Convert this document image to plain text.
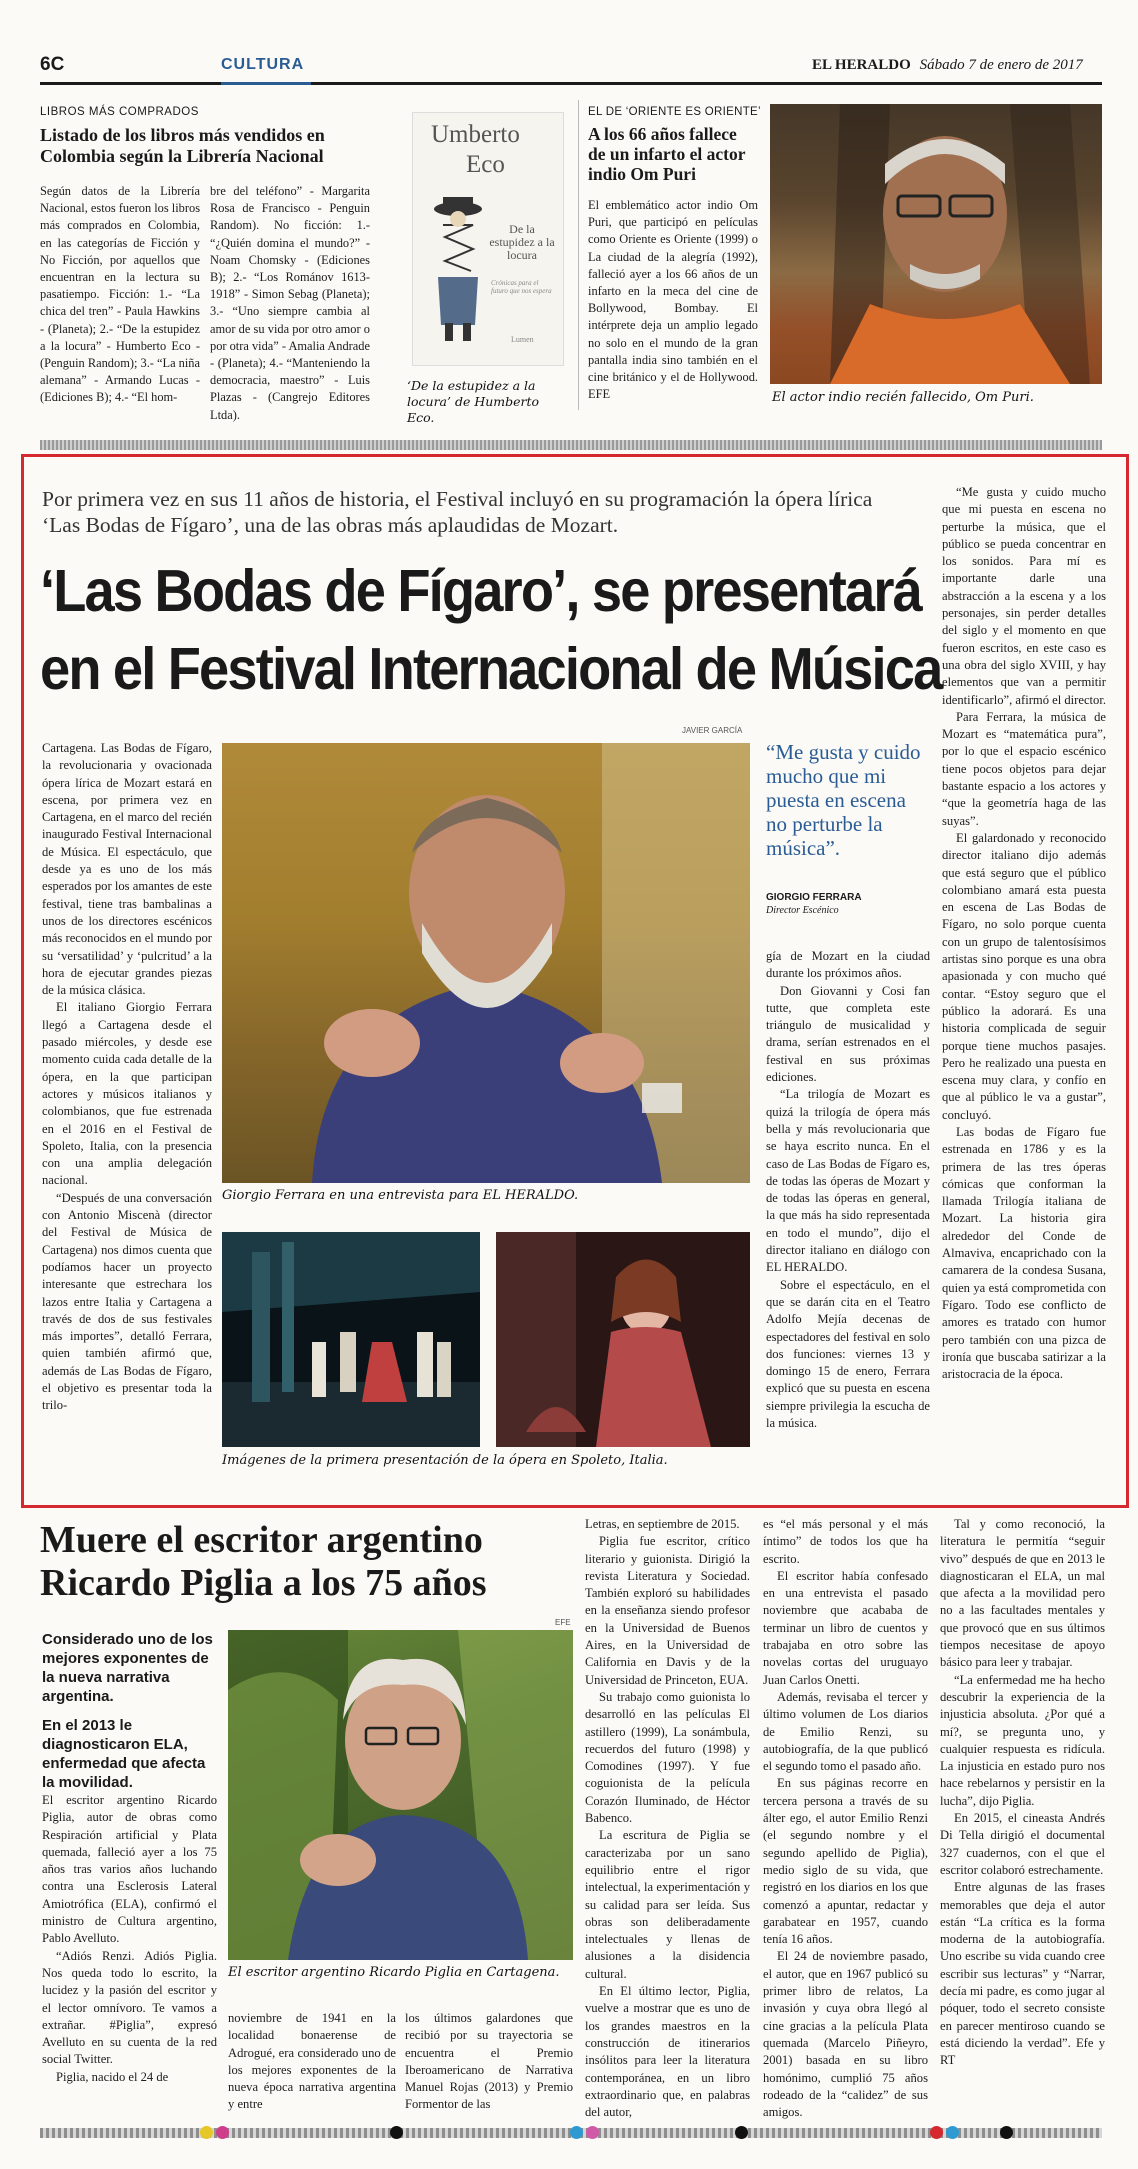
6C	CULTURA	EL HERALDO Sábado 7 de enero de 2017
LIBROS MÁS COMPRADOS
Listado de los libros más vendidos en Colombia según la Librería Nacional
Según datos de la Librería Nacional, estos fueron los libros más comprados en Colombia, en las categorías de Ficción y No Ficción, por aquellos que encuentran en la lectura su pasatiempo. Ficción: 1.- “La chica del tren” - Paula Hawkins - (Planeta); 2.- “De la estupidez a la locura” - Humberto Eco - (Penguin Random); 3.- “La niña alemana” - Armando Lucas - (Ediciones B); 4.- “El hom-
bre del teléfono” - Margarita Rosa de Francisco - Penguin Random). No ficción: 1.- “¿Quién domina el mundo?” - Noam Chomsky - (Ediciones B); 2.- “Los Románov 1613-1918” - Simon Sebag (Planeta); 3.- “Uno siempre cambia al amor de su vida por otro amor o por otra vida” - Amalia Andrade - (Planeta); 4.- “Manteniendo la democracia, maestro” - Luis Plazas - (Cangrejo Editores Ltda).
Umberto
Eco
De la estupidez a la locura
Crónicas para el futuro que nos espera
Lumen
‘De la estupidez a la locura’ de Humberto Eco.
EL DE ‘ORIENTE ES ORIENTE’
A los 66 años fallece de un infarto el actor indio Om Puri
El emblemático actor indio Om Puri, que participó en películas como Oriente es Oriente (1999) o La ciudad de la alegría (1992), falleció ayer a los 66 años de un infarto en la meca del cine de Bollywood, Bombay. El intérprete deja un amplio legado no solo en el mundo de la gran pantalla india sino también en el cine británico y el de Hollywood. EFE	El actor indio recién fallecido, Om Puri.
Por primera vez en sus 11 años de historia, el Festival incluyó en su programación la ópera lírica ‘Las Bodas de Fígaro’, una de las obras más aplaudidas de Mozart.
‘Las Bodas de Fígaro’, se presentará
en el Festival Internacional de Música
JAVIER GARCÍA

Cartagena. Las Bodas de Fígaro, la revolucionaria y ovacionada ópera lírica de Mozart estará en escena, por primera vez en Cartagena, en el marco del recién inaugurado Festival Internacional de Música. El espectáculo, que desde ya es uno de los más esperados por los amantes de este festival, tiene tras bambalinas a unos de los directores escénicos más reconocidos en el mundo por su ‘versatilidad’ y ‘pulcritud’ a la hora de ejecutar grandes piezas de la música clásica.

El italiano Giorgio Ferrara llegó a Cartagena desde el pasado miércoles, y desde ese momento cuida cada detalle de la ópera, en la que participan actores y músicos italianos y colombianos, que fue estrenada en el 2016 en el Festival de Spoleto, Italia, con la presencia con una amplia delegación nacional.

“Después de una conversación con Antonio Miscenà (director del Festival de Música de Cartagena) nos dimos cuenta que podíamos hacer un proyecto interesante que estrechara los lazos entre Italia y Cartagena a través de dos de sus festivales más importes”, detalló Ferrara, quien también afirmó que, además de Las Bodas de Fígaro, el objetivo es presentar toda la trilo-

Giorgio Ferrara en una entrevista para EL HERALDO.
Imágenes de la primera presentación de la ópera en Spoleto, Italia.
“Me gusta y cuido mucho que mi puesta en escena no perturbe la música”.
GIORGIO FERRARA
Director Escénico

gía de Mozart en la ciudad durante los próximos años.

Don Giovanni y Cosi fan tutte, que completa este triángulo de musicalidad y drama, serían estrenados en el festival en sus próximas ediciones.

“La trilogía de Mozart es quizá la trilogía de ópera más bella y más revolucionaria que se haya escrito nunca. En el caso de Las Bodas de Fígaro es, de todas las óperas de Mozart y de todas las óperas en general, la que más ha sido representada en todo el mundo”, dijo el director italiano en diálogo con EL HERALDO.

Sobre el espectáculo, en el que se darán cita en el Teatro Adolfo Mejía decenas de espectadores del festival en solo dos funciones: viernes 13 y domingo 15 de enero, Ferrara explicó que su puesta en escena siempre privilegia la escucha de la música.

“Me gusta y cuido mucho que mi puesta en escena no perturbe la música, que el público se pueda concentrar en los sonidos. Para mí es importante darle una abstracción a la escena y a los personajes, sin perder detalles del siglo y el momento en que fueron escritos, en este caso es una obra del siglo XVIII, y hay elementos que van a permitir identificarlo”, afirmó el director.

Para Ferrara, la música de Mozart es “matemática pura”, por lo que el espacio escénico tiene pocos objetos para dejar bastante espacio a los actores y “que la geometría haga de las suyas”.

El galardonado y reconocido director italiano dijo además que está seguro que el público colombiano amará esta puesta en escena de Las Bodas de Fígaro, no solo porque cuenta con un grupo de talentosísimos artistas sino porque es una obra apasionada y con mucho qué contar. “Estoy seguro que el público la adorará. Es una historia complicada de seguir porque tiene muchos pasajes. Pero he realizado una puesta en escena muy clara, y confío en que al público le va a gustar”, concluyó.

Las bodas de Fígaro fue estrenada en 1786 y es la primera de las tres óperas cómicas que conforman la llamada Trilogía italiana de Mozart. La historia gira alrededor del Conde de Almaviva, encaprichado con la camarera de la condesa Susana, quien ya está comprometida con Fígaro. Todo ese conflicto de amores es tratado con humor pero también con una pizca de ironía que buscaba satirizar a la aristocracia de la época.

Muere el escritor argentino
Ricardo Piglia a los 75 años
Considerado uno de los mejores exponentes de la nueva narrativa argentina.
En el 2013 le diagnosticaron ELA, enfermedad que afecta la movilidad.
EFE
El escritor argentino Ricardo Piglia en Cartagena.

El escritor argentino Ricardo Piglia, autor de obras como Respiración artificial y Plata quemada, falleció ayer a los 75 años tras varios años luchando contra una Esclerosis Lateral Amiotrófica (ELA), confirmó el ministro de Cultura argentino, Pablo Avelluto.

“Adiós Renzi. Adiós Piglia. Nos queda todo lo escrito, la lucidez y la pasión del escritor y el lector omnívoro. Te vamos a extrañar. #Piglia”, expresó Avelluto en su cuenta de la red social Twitter.

Piglia, nacido el 24 de

noviembre de 1941 en la localidad bonaerense de Adrogué, era considerado uno de los mejores exponentes de la nueva época narrativa argentina y entre
los últimos galardones que recibió por su trayectoria se encuentra el Premio Iberoamericano de Narrativa Manuel Rojas (2013) y Premio Formentor de las

Letras, en septiembre de 2015.

Piglia fue escritor, crítico literario y guionista. Dirigió la revista Literatura y Sociedad. También exploró su habilidades en la enseñanza siendo profesor en la Universidad de Buenos Aires, en la Universidad de California en Davis y de la Universidad de Princeton, EUA.

Su trabajo como guionista lo desarrolló en las películas El astillero (1999), La sonámbula, recuerdos del futuro (1998) y Comodines (1997). Y fue coguionista de la película Corazón Iluminado, de Héctor Babenco.

La escritura de Piglia se caracterizaba por un sano equilibrio entre el rigor intelectual, la experimentación y su calidad para ser leída. Sus obras son deliberadamente intelectuales y llenas de alusiones a la disidencia cultural.

En El último lector, Piglia, vuelve a mostrar que es uno de los grandes maestros en la construcción de itinerarios insólitos para leer la literatura contemporánea, en un libro extraordinario que, en palabras del autor,

es “el más personal y el más íntimo” de todos los que ha escrito.

El escritor había confesado en una entrevista el pasado noviembre que acababa de terminar un libro de cuentos y trabajaba en otro sobre las novelas cortas del uruguayo Juan Carlos Onetti.

Además, revisaba el tercer y último volumen de Los diarios de Emilio Renzi, su autobiografía, de la que publicó el segundo tomo el pasado año.

En sus páginas recorre en tercera persona a través de su álter ego, el autor Emilio Renzi (el segundo nombre y el segundo apellido de Piglia), medio siglo de su vida, que registró en los diarios en los que comenzó a apuntar, redactar y garabatear en 1957, cuando tenía 16 años.

El 24 de noviembre pasado, el autor, que en 1967 publicó su primer libro de relatos, La invasión y cuya obra llegó al cine gracias a la película Plata quemada (Marcelo Piñeyro, 2001) basada en su libro homónimo, cumplió 75 años rodeado de la “calidez” de sus amigos.

Tal y como reconoció, la literatura le permitía “seguir vivo” después de que en 2013 le diagnosticaran el ELA, un mal que afecta a la movilidad pero no a las facultades mentales y que provocó que en sus últimos tiempos necesitase de apoyo básico para leer y trabajar.

“La enfermedad me ha hecho descubrir la experiencia de la injusticia absoluta. ¿Por qué a mí?, se pregunta uno, y cualquier respuesta es ridícula. La injusticia en estado puro nos hace rebelarnos y persistir en la lucha”, dijo Piglia.

En 2015, el cineasta Andrés Di Tella dirigió el documental 327 cuadernos, con el que el escritor colaboró estrechamente.

Entre algunas de las frases memorables que deja el autor están “La crítica es la forma moderna de la autobiografía. Uno escribe su vida cuando cree escribir sus lecturas” y “Narrar, decía mi padre, es como jugar al póquer, todo el secreto consiste en parecer mentiroso cuando se está diciendo la verdad”. Efe y RT
